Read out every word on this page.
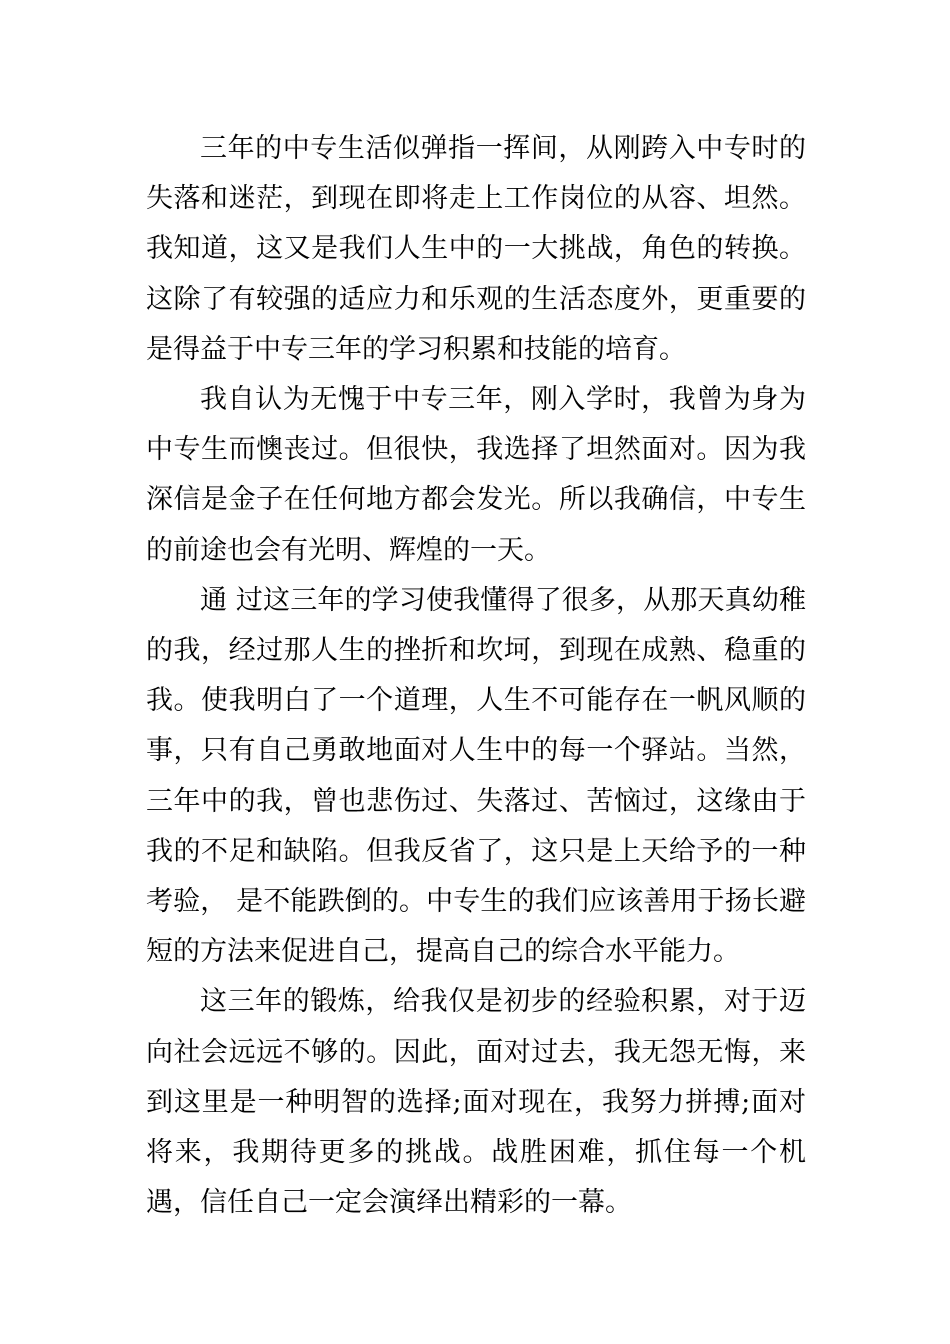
三年的中专生活似弹指一挥间，从刚跨入中专时的失落和迷茫，到现在即将走上工作岗位的从容、坦然。我知道，这又是我们人生中的一大挑战，角色的转换。这除了有较强的适应力和乐观的生活态度外，更重要的是得益于中专三年的学习积累和技能的培育。

我自认为无愧于中专三年，刚入学时，我曾为身为中专生而懊丧过。但很快，我选择了坦然面对。因为我深信是金子在任何地方都会发光。所以我确信，中专生的前途也会有光明、辉煌的一天。

通 过这三年的学习使我懂得了很多，从那天真幼稚的我，经过那人生的挫折和坎坷，到现在成熟、稳重的我。使我明白了一个道理，人生不可能存在一帆风顺的事，只有自己勇敢地面对人生中的每一个驿站。当然，三年中的我，曾也悲伤过、失落过、苦恼过，这缘由于我的不足和缺陷。但我反省了，这只是上天给予的一种考验， 是不能跌倒的。中专生的我们应该善用于扬长避短的方法来促进自己，提高自己的综合水平能力。

这三年的锻炼，给我仅是初步的经验积累，对于迈向社会远远不够的。因此，面对过去，我无怨无悔，来到这里是一种明智的选择;面对现在，我努力拼搏;面对将来，我期待更多的挑战。战胜困难，抓住每一个机遇，信任自己一定会演绎出精彩的一幕。
